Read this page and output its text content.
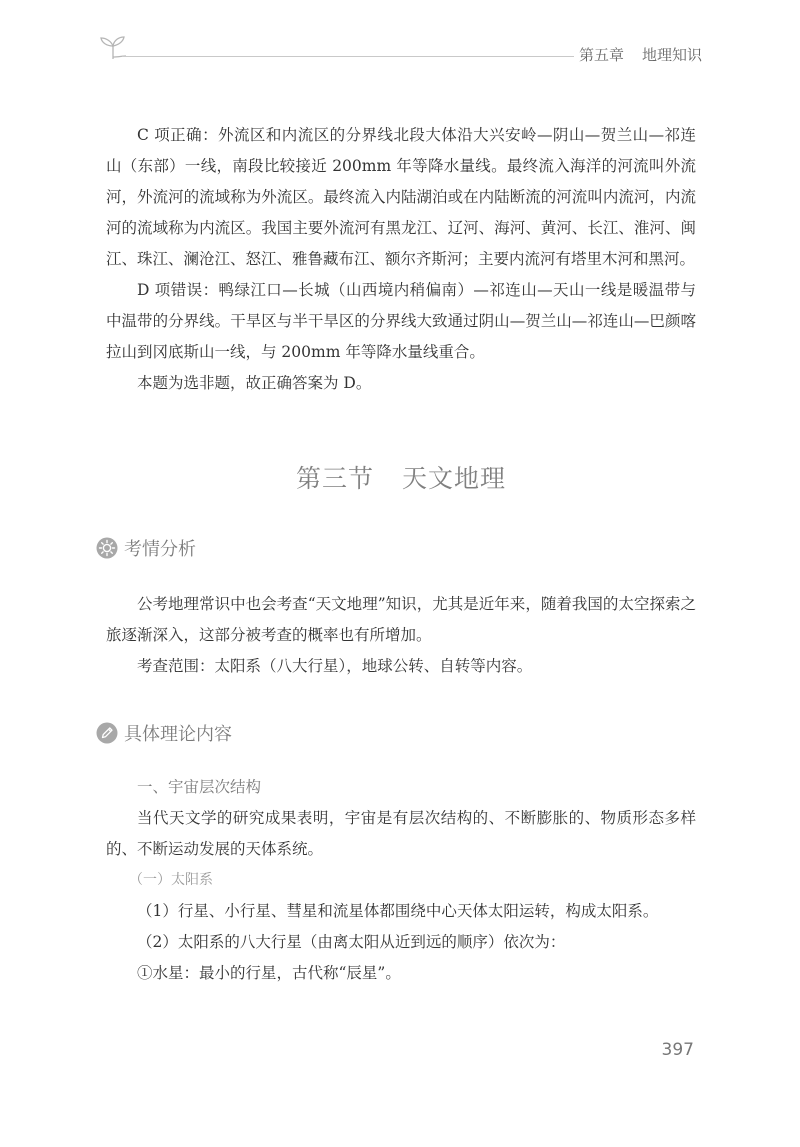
第五章 地理知识

C 项正确：外流区和内流区的分界线北段大体沿大兴安岭—阴山—贺兰山—祁连山（东部）一线，南段比较接近 200mm 年等降水量线。最终流入海洋的河流叫外流河，外流河的流域称为外流区。最终流入内陆湖泊或在内陆断流的河流叫内流河，内流河的流域称为内流区。我国主要外流河有黑龙江、辽河、海河、黄河、长江、淮河、闽江、珠江、澜沧江、怒江、雅鲁藏布江、额尔齐斯河；主要内流河有塔里木河和黑河。

D 项错误：鸭绿江口—长城（山西境内稍偏南）—祁连山—天山一线是暖温带与中温带的分界线。干旱区与半干旱区的分界线大致通过阴山—贺兰山—祁连山—巴颜喀拉山到冈底斯山一线，与 200mm 年等降水量线重合。

本题为选非题，故正确答案为 D。

第三节 天文地理
考情分析

公考地理常识中也会考查“天文地理”知识，尤其是近年来，随着我国的太空探索之旅逐渐深入，这部分被考查的概率也有所增加。

考查范围：太阳系（八大行星），地球公转、自转等内容。

具体理论内容
一、宇宙层次结构

当代天文学的研究成果表明，宇宙是有层次结构的、不断膨胀的、物质形态多样的、不断运动发展的天体系统。

（一）太阳系

（1）行星、小行星、彗星和流星体都围绕中心天体太阳运转，构成太阳系。

（2）太阳系的八大行星（由离太阳从近到远的顺序）依次为：

①水星：最小的行星，古代称“辰星”。

397
